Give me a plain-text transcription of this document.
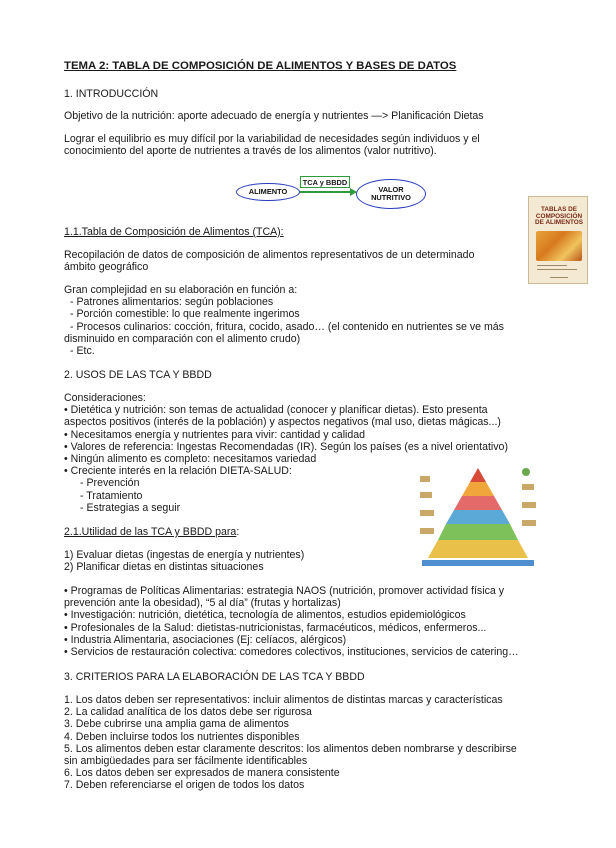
TEMA 2: TABLA DE COMPOSICIÓN DE ALIMENTOS Y BASES DE DATOS
1. INTRODUCCIÓN
Objetivo de la nutrición: aporte adecuado de energía y nutrientes —> Planificación Dietas
Lograr el equilibrio es muy difícil por la variabilidad de necesidades según individuos y el
conocimiento del aporte de nutrientes a través de los alimentos (valor nutritivo).
ALIMENTO
TCA y BBDD
VALOR
NUTRITIVO
TABLAS DE
COMPOSICIÓN
DE ALIMENTOS
1.1.Tabla de Composición de Alimentos (TCA):
Recopilación de datos de composición de alimentos representativos de un determinado
ámbito geográfico
Gran complejidad en su elaboración en función a:
- Patrones alimentarios: según poblaciones
- Porción comestible: lo que realmente ingerimos
- Procesos culinarios: cocción, fritura, cocido, asado… (el contenido en nutrientes se ve más
disminuido en comparación con el alimento crudo)
- Etc.
2. USOS DE LAS TCA Y BBDD
Consideraciones:
• Dietética y nutrición: son temas de actualidad (conocer y planificar dietas). Esto presenta
aspectos positivos (interés de la población) y aspectos negativos (mal uso, dietas mágicas...)
• Necesitamos energía y nutrientes para vivir: cantidad y calidad
• Valores de referencia: Ingestas Recomendadas (IR). Según los países (es a nivel orientativo)
• Ningún alimento es completo: necesitamos variedad
• Creciente interés en la relación DIETA-SALUD:
- Prevención
- Tratamiento
- Estrategias a seguir
2.1.Utilidad de las TCA y BBDD para:
1) Evaluar dietas (ingestas de energía y nutrientes)
2) Planificar dietas en distintas situaciones
• Programas de Políticas Alimentarias: estrategia NAOS (nutrición, promover actividad física y
prevención ante la obesidad), “5 al día” (frutas y hortalizas)
• Investigación: nutrición, dietética, tecnología de alimentos, estudios epidemiológicos
• Profesionales de la Salud: dietistas-nutricionistas, farmacéuticos, médicos, enfermeros...
• Industria Alimentaria, asociaciones (Ej: celíacos, alérgicos)
• Servicios de restauración colectiva: comedores colectivos, instituciones, servicios de catering…
3. CRITERIOS PARA LA ELABORACIÓN DE LAS TCA Y BBDD
1. Los datos deben ser representativos: incluir alimentos de distintas marcas y características
2. La calidad analítica de los datos debe ser rigurosa
3. Debe cubrirse una amplia gama de alimentos
4. Deben incluirse todos los nutrientes disponibles
5. Los alimentos deben estar claramente descritos: los alimentos deben nombrarse y describirse
sin ambigüedades para ser fácilmente identificables
6. Los datos deben ser expresados de manera consistente
7. Deben referenciarse el origen de todos los datos
